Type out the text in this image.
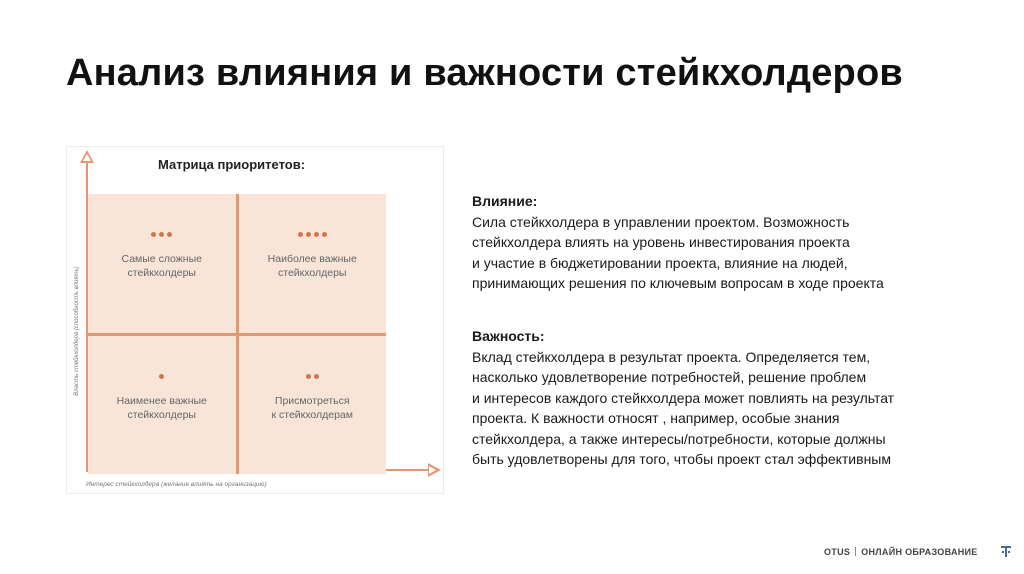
Анализ влияния и важности стейкхолдеров
Матрица приоритетов:
Власть стейкхолдера (способность влиять)
Интерес стейкхолдера (желание влиять на организацию)
Самые сложные
стейкхолдеры
Наиболее важные
стейкхолдеры
Наименее важные
стейкхолдеры
Присмотреться
к стейкхолдерам
Влияние:
Сила стейкхолдера в управлении проектом. Возможность
стейкхолдера влиять на уровень инвестирования проекта
и участие в бюджетировании проекта, влияние на людей,
принимающих решения по ключевым вопросам в ходе проекта
Важность:
Вклад стейкхолдера в результат проекта. Определяется тем,
насколько удовлетворение потребностей, решение проблем
и интересов каждого стейкхолдера может повлиять на результат
проекта. К важности относят , например, особые знания
стейкхолдера, а также интересы/потребности, которые должны
быть удовлетворены для того, чтобы проект стал эффективным
OTUS ОНЛАЙН ОБРАЗОВАНИЕ
